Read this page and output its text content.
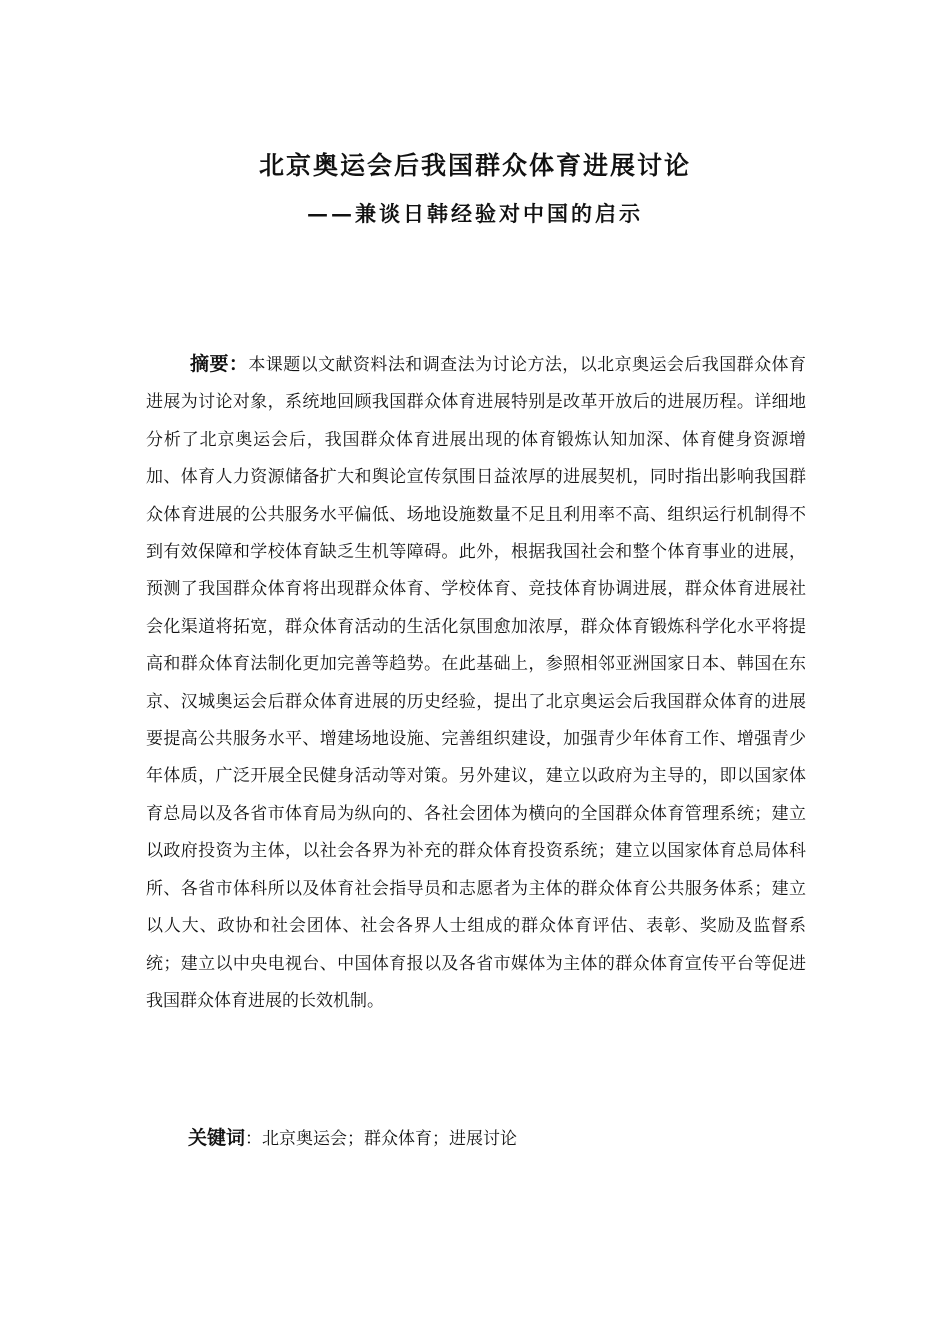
北京奥运会后我国群众体育进展讨论
——兼谈日韩经验对中国的启示

摘要：本课题以文献资料法和调查法为讨论方法，以北京奥运会后我国群众体育进展为讨论对象，系统地回顾我国群众体育进展特别是改革开放后的进展历程。详细地分析了北京奥运会后，我国群众体育进展出现的体育锻炼认知加深、体育健身资源增加、体育人力资源储备扩大和舆论宣传氛围日益浓厚的进展契机，同时指出影响我国群众体育进展的公共服务水平偏低、场地设施数量不足且利用率不高、组织运行机制得不到有效保障和学校体育缺乏生机等障碍。此外，根据我国社会和整个体育事业的进展，预测了我国群众体育将出现群众体育、学校体育、竞技体育协调进展，群众体育进展社会化渠道将拓宽，群众体育活动的生活化氛围愈加浓厚，群众体育锻炼科学化水平将提高和群众体育法制化更加完善等趋势。在此基础上，参照相邻亚洲国家日本、韩国在东京、汉城奥运会后群众体育进展的历史经验，提出了北京奥运会后我国群众体育的进展要提高公共服务水平、增建场地设施、完善组织建设，加强青少年体育工作、增强青少年体质，广泛开展全民健身活动等对策。另外建议，建立以政府为主导的，即以国家体育总局以及各省市体育局为纵向的、各社会团体为横向的全国群众体育管理系统；建立以政府投资为主体，以社会各界为补充的群众体育投资系统；建立以国家体育总局体科所、各省市体科所以及体育社会指导员和志愿者为主体的群众体育公共服务体系；建立以人大、政协和社会团体、社会各界人士组成的群众体育评估、表彰、奖励及监督系统；建立以中央电视台、中国体育报以及各省市媒体为主体的群众体育宣传平台等促进我国群众体育进展的长效机制。

关键词：北京奥运会；群众体育；进展讨论
